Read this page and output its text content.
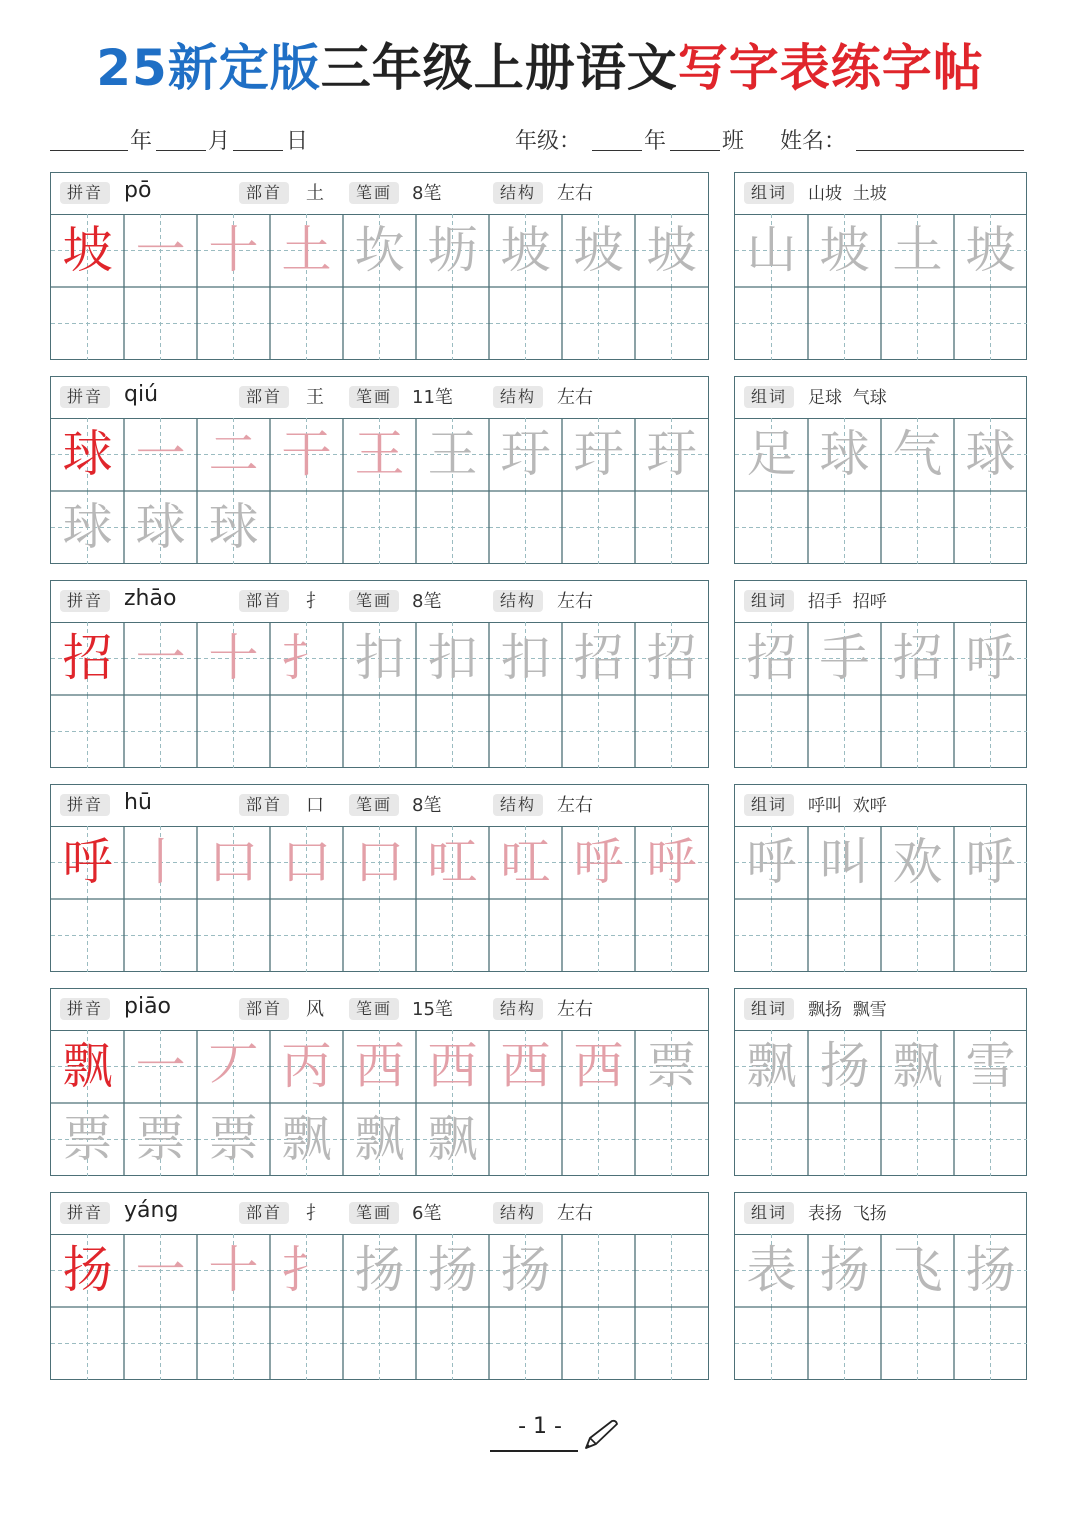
25新定版三年级上册语文写字表练字帖
年	月	日	年级：	年	班 姓名：
拼音 pō	部首	土	笔画	8笔	结构	左右
坡 一 十 土 坎 坜 坡 坡 坡
组词	山坡  土坡
山 坡 土 坡
拼音 qiú	部首	王	笔画	11笔	结构	左右
球 一 二 干 王 王 玗 玗 玗
球 球 球
组词	足球  气球
足 球 气 球
拼音 zhāo	部首	扌	笔画	8笔	结构	左右
招 一 十 扌 扣 扣 扣 招 招
组词	招手  招呼
招 手 招 呼
拼音 hū	部首	口	笔画	8笔	结构	左右
呼 丨 口 口 口 叿 叿 呼 呼
组词	呼叫  欢呼
呼 叫 欢 呼
拼音 piāo	部首	风	笔画	15笔	结构	左右
飘 一 丆 丙 西 西 西 西 票
票 票 票 飘 飘 飘
组词	飘扬  飘雪
飘 扬 飘 雪
拼音 yáng	部首	扌	笔画	6笔	结构	左右
扬 一 十 扌 扬 扬 扬
组词	表扬  飞扬
表 扬 飞 扬
- 1 -
